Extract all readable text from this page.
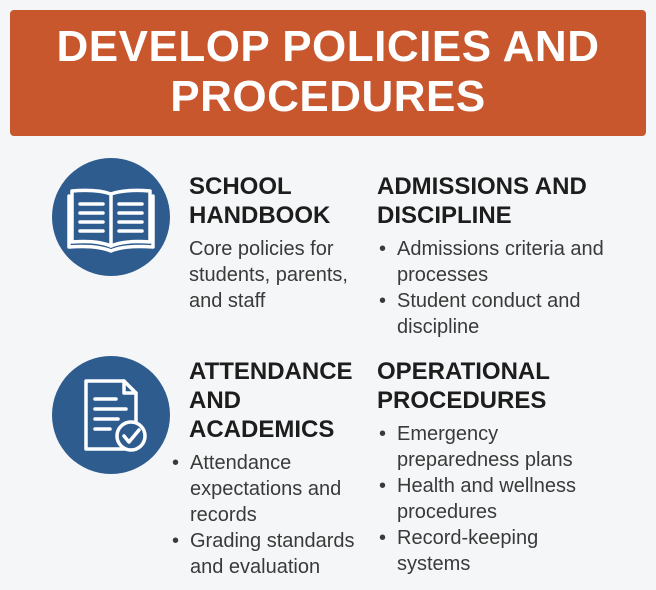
DEVELOP POLICIES AND PROCEDURES
SCHOOL HANDBOOK

Core policies for students, parents, and staff

ADMISSIONS AND DISCIPLINE
• Admissions criteria and processes
• Student conduct and discipline
ATTENDANCE AND ACADEMICS
• Attendance expectations and records
• Grading standards and evaluation
OPERATIONAL PROCEDURES
• Emergency preparedness plans
• Health and wellness procedures
• Record-keeping systems
